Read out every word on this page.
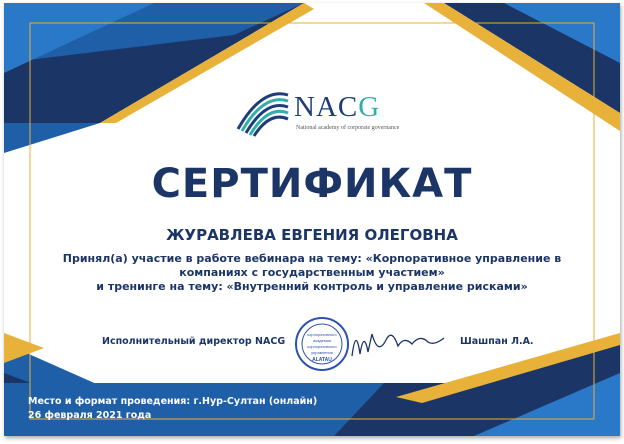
NACG
National academy of corporate governance
СЕРТИФИКАТ
ЖУРАВЛЕВА ЕВГЕНИЯ ОЛЕГОВНА
Принял(а) участие в работе вебинара на тему: «Корпоративное управление в
компаниях с государственным участием»
и тренинге на тему: «Внутренний контроль и управление рисками»
Исполнительный директор NACG
корпоративного
академия
корпоративного
управления
ALATAU
Шашпан Л.А.
Место и формат проведения: г.Нур-Султан (онлайн)
26 февраля 2021 года
